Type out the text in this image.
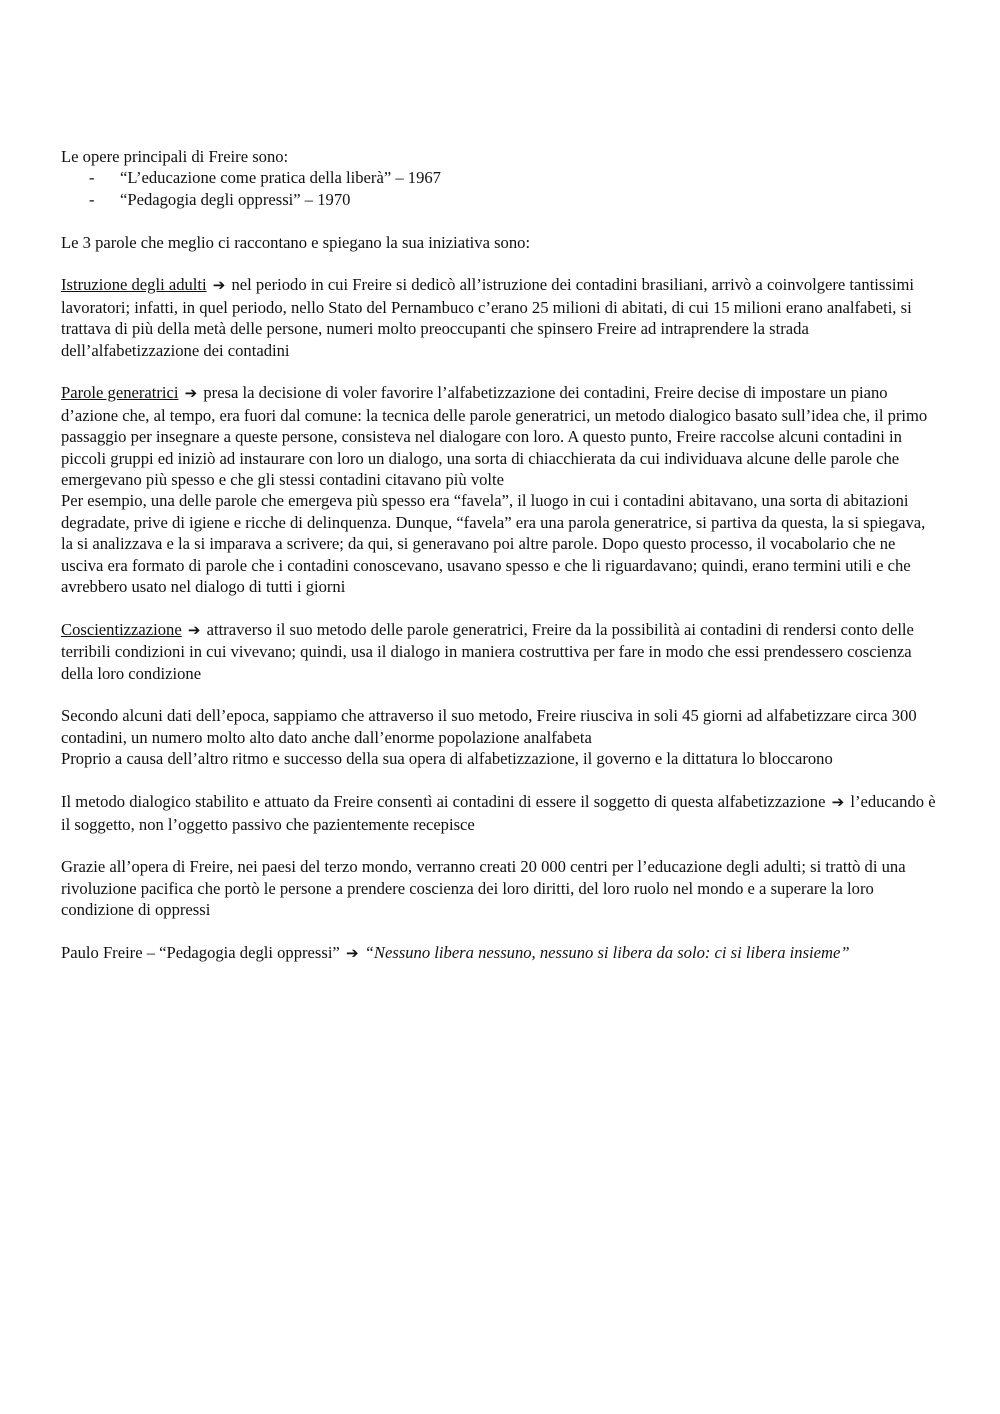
Le opere principali di Freire sono:

- “L’educazione come pratica della liberà” – 1967
- “Pedagogia degli oppressi” – 1970

Le 3 parole che meglio ci raccontano e spiegano la sua iniziativa sono:

Istruzione degli adulti ➔ nel periodo in cui Freire si dedicò all’istruzione dei contadini brasiliani, arrivò a coinvolgere tantissimi lavoratori; infatti, in quel periodo, nello Stato del Pernambuco c’erano 25 milioni di abitati, di cui 15 milioni erano analfabeti, si trattava di più della metà delle persone, numeri molto preoccupanti che spinsero Freire ad intraprendere la strada dell’alfabetizzazione dei contadini

Parole generatrici ➔ presa la decisione di voler favorire l’alfabetizzazione dei contadini, Freire decise di impostare un piano d’azione che, al tempo, era fuori dal comune: la tecnica delle parole generatrici, un metodo dialogico basato sull’idea che, il primo passaggio per insegnare a queste persone, consisteva nel dialogare con loro. A questo punto, Freire raccolse alcuni contadini in piccoli gruppi ed iniziò ad instaurare con loro un dialogo, una sorta di chiacchierata da cui individuava alcune delle parole che emergevano più spesso e che gli stessi contadini citavano più volte

Per esempio, una delle parole che emergeva più spesso era “favela”, il luogo in cui i contadini abitavano, una sorta di abitazioni degradate, prive di igiene e ricche di delinquenza. Dunque, “favela” era una parola generatrice, si partiva da questa, la si spiegava, la si analizzava e la si imparava a scrivere; da qui, si generavano poi altre parole. Dopo questo processo, il vocabolario che ne usciva era formato di parole che i contadini conoscevano, usavano spesso e che li riguardavano; quindi, erano termini utili e che avrebbero usato nel dialogo di tutti i giorni

Coscientizzazione ➔ attraverso il suo metodo delle parole generatrici, Freire da la possibilità ai contadini di rendersi conto delle terribili condizioni in cui vivevano; quindi, usa il dialogo in maniera costruttiva per fare in modo che essi prendessero coscienza della loro condizione

Secondo alcuni dati dell’epoca, sappiamo che attraverso il suo metodo, Freire riusciva in soli 45 giorni ad alfabetizzare circa 300 contadini, un numero molto alto dato anche dall’enorme popolazione analfabeta

Proprio a causa dell’altro ritmo e successo della sua opera di alfabetizzazione, il governo e la dittatura lo bloccarono

Il metodo dialogico stabilito e attuato da Freire consentì ai contadini di essere il soggetto di questa alfabetizzazione ➔ l’educando è il soggetto, non l’oggetto passivo che pazientemente recepisce

Grazie all’opera di Freire, nei paesi del terzo mondo, verranno creati 20 000 centri per l’educazione degli adulti; si trattò di una rivoluzione pacifica che portò le persone a prendere coscienza dei loro diritti, del loro ruolo nel mondo e a superare la loro condizione di oppressi

Paulo Freire – “Pedagogia degli oppressi” ➔ “Nessuno libera nessuno, nessuno si libera da solo: ci si libera insieme”
